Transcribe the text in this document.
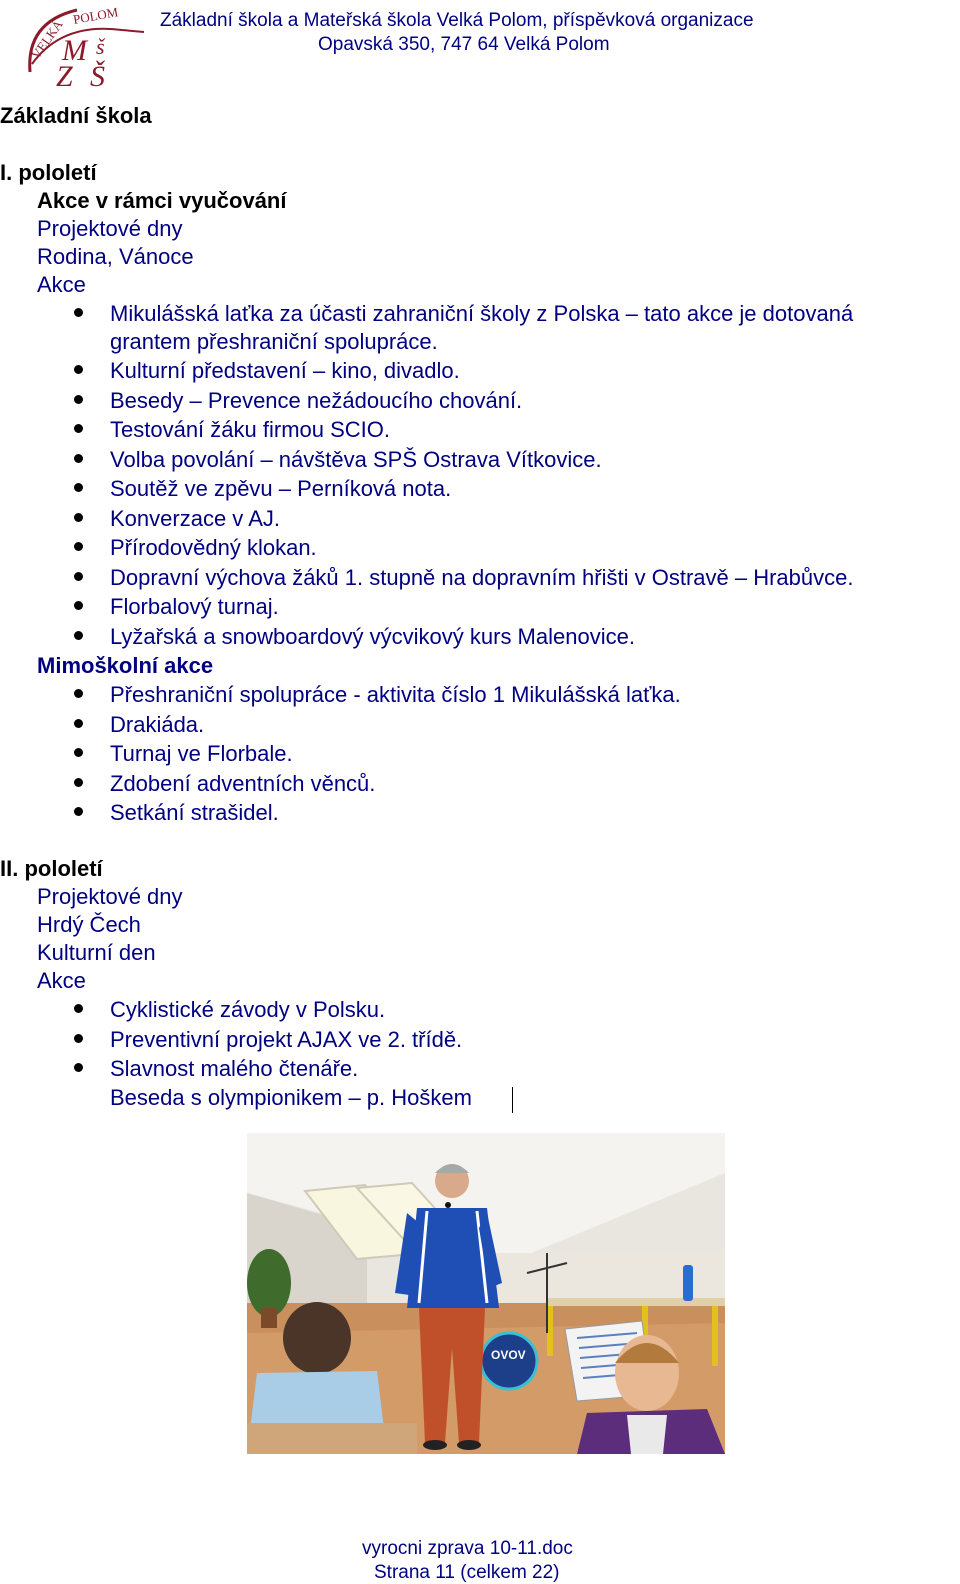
VELKÁ
POLOM
M š
Z Š
Základní škola a Mateřská škola Velká Polom, příspěvková organizace
Opavská 350, 747 64 Velká Polom
Základní škola
I. pololetí
Akce v rámci vyučování
Projektové dny
Rodina, Vánoce
Akce
Mikulášská laťka za účasti zahraniční školy z Polska – tato akce je dotovaná
grantem přeshraniční spolupráce.
Kulturní představení – kino, divadlo.
Besedy – Prevence nežádoucího chování.
Testování žáku firmou SCIO.
Volba povolání – návštěva SPŠ Ostrava Vítkovice.
Soutěž ve zpěvu – Perníková nota.
Konverzace v AJ.
Přírodovědný klokan.
Dopravní výchova žáků 1. stupně na dopravním hřišti v Ostravě – Hrabůvce.
Florbalový turnaj.
Lyžařská a snowboardový výcvikový kurs Malenovice.
Mimoškolní akce
Přeshraniční spolupráce - aktivita číslo 1 Mikulášská laťka.
Drakiáda.
Turnaj ve Florbale.
Zdobení adventních věnců.
Setkání strašidel.
II. pololetí
Projektové dny
Hrdý Čech
Kulturní den
Akce
Cyklistické závody v Polsku.
Preventivní projekt AJAX ve 2. třídě.
Slavnost malého čtenáře.
Beseda s olympionikem – p. Hoškem
OVOV
vyrocni zprava 10-11.doc
Strana 11 (celkem 22)
